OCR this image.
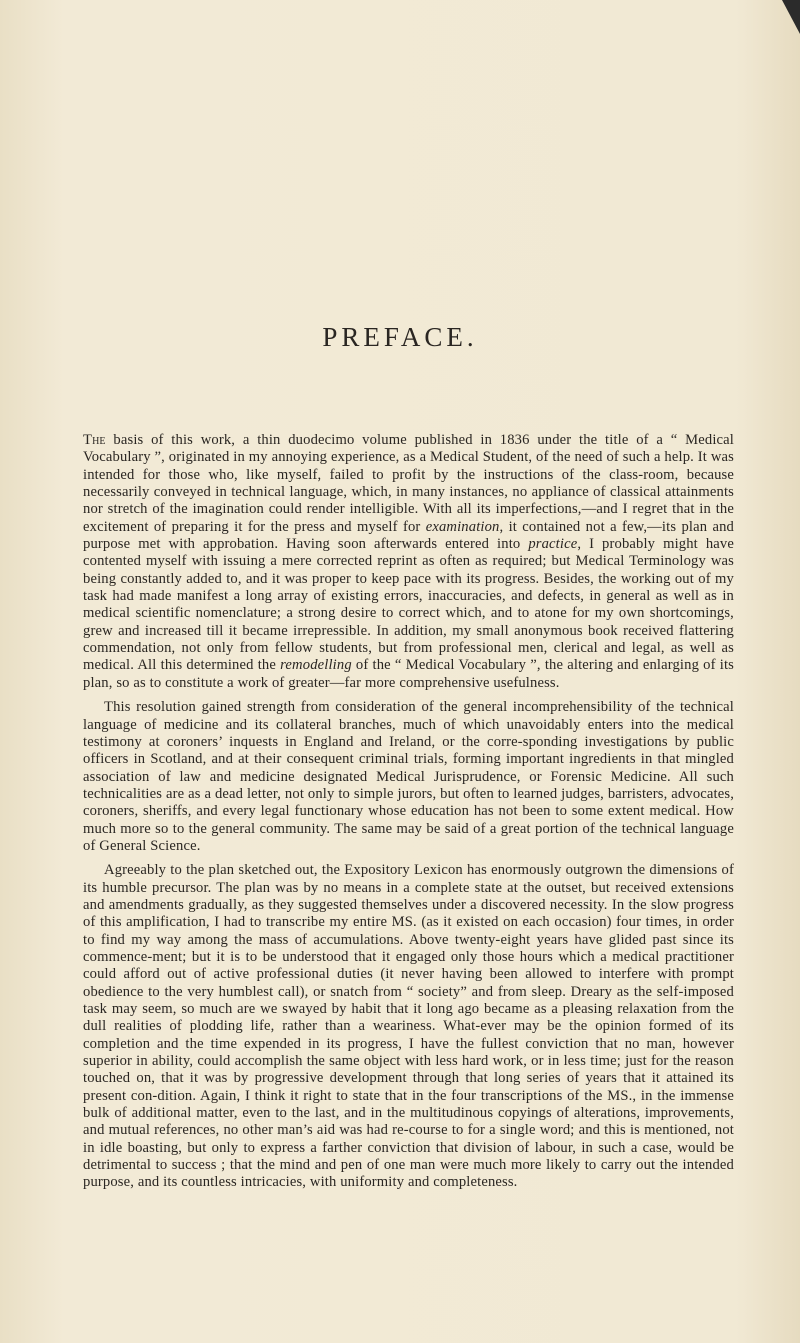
PREFACE.

The basis of this work, a thin duodecimo volume published in 1836 under the title of a “ Medical Vocabulary ”, originated in my annoying experience, as a Medical Student, of the need of such a help. It was intended for those who, like myself, failed to profit by the instructions of the class-room, because necessarily conveyed in technical language, which, in many instances, no appliance of classical attainments nor stretch of the imagination could render intelligible. With all its imperfections,—and I regret that in the excitement of preparing it for the press and myself for examination, it contained not a few,—its plan and purpose met with approbation. Having soon afterwards entered into practice, I probably might have contented myself with issuing a mere corrected reprint as often as required; but Medical Terminology was being constantly added to, and it was proper to keep pace with its progress. Besides, the working out of my task had made manifest a long array of existing errors, inaccuracies, and defects, in general as well as in medical scientific nomenclature; a strong desire to correct which, and to atone for my own shortcomings, grew and increased till it became irrepressible. In addition, my small anonymous book received flattering commendation, not only from fellow students, but from professional men, clerical and legal, as well as medical. All this determined the remodelling of the “ Medical Vocabulary ”, the altering and enlarging of its plan, so as to constitute a work of greater—far more comprehensive usefulness.

This resolution gained strength from consideration of the general incomprehensibility of the technical language of medicine and its collateral branches, much of which unavoidably enters into the medical testimony at coroners’ inquests in England and Ireland, or the corre-sponding investigations by public officers in Scotland, and at their consequent criminal trials, forming important ingredients in that mingled association of law and medicine designated Medical Jurisprudence, or Forensic Medicine. All such technicalities are as a dead letter, not only to simple jurors, but often to learned judges, barristers, advocates, coroners, sheriffs, and every legal functionary whose education has not been to some extent medical. How much more so to the general community. The same may be said of a great portion of the technical language of General Science.

Agreeably to the plan sketched out, the Expository Lexicon has enormously outgrown the dimensions of its humble precursor. The plan was by no means in a complete state at the outset, but received extensions and amendments gradually, as they suggested themselves under a discovered necessity. In the slow progress of this amplification, I had to transcribe my entire MS. (as it existed on each occasion) four times, in order to find my way among the mass of accumulations. Above twenty-eight years have glided past since its commence-ment; but it is to be understood that it engaged only those hours which a medical practitioner could afford out of active professional duties (it never having been allowed to interfere with prompt obedience to the very humblest call), or snatch from “ society” and from sleep. Dreary as the self-imposed task may seem, so much are we swayed by habit that it long ago became as a pleasing relaxation from the dull realities of plodding life, rather than a weariness. What-ever may be the opinion formed of its completion and the time expended in its progress, I have the fullest conviction that no man, however superior in ability, could accomplish the same object with less hard work, or in less time; just for the reason touched on, that it was by progressive development through that long series of years that it attained its present con-dition. Again, I think it right to state that in the four transcriptions of the MS., in the immense bulk of additional matter, even to the last, and in the multitudinous copyings of alterations, improvements, and mutual references, no other man’s aid was had re-course to for a single word; and this is mentioned, not in idle boasting, but only to express a farther conviction that division of labour, in such a case, would be detrimental to success ; that the mind and pen of one man were much more likely to carry out the intended purpose, and its countless intricacies, with uniformity and completeness.
